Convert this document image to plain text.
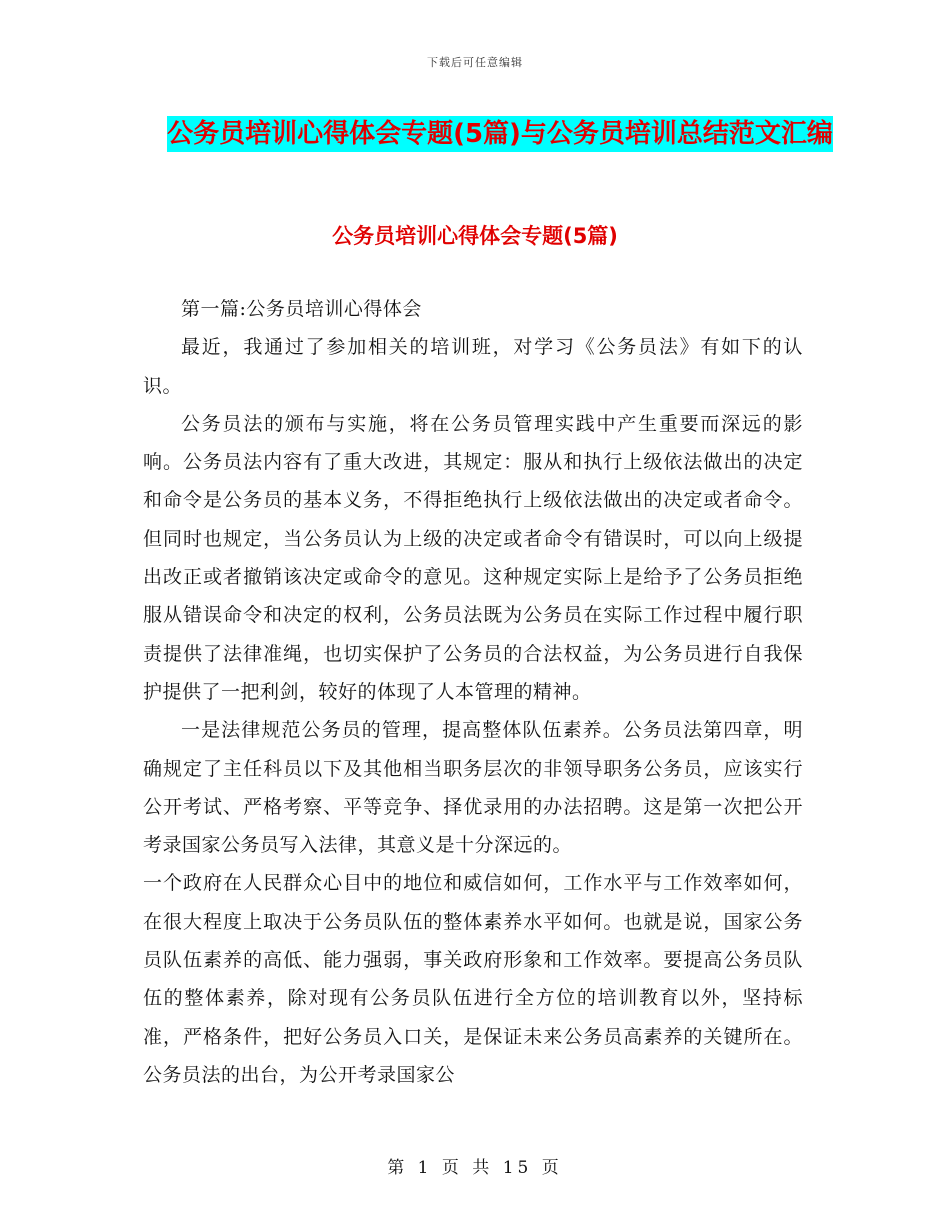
下载后可任意编辑
公务员培训心得体会专题(5篇)与公务员培训总结范文汇编
公务员培训心得体会专题(5篇)

第一篇:公务员培训心得体会

最近，我通过了参加相关的培训班，对学习《公务员法》有如下的认识。

公务员法的颁布与实施，将在公务员管理实践中产生重要而深远的影响。公务员法内容有了重大改进，其规定：服从和执行上级依法做出的决定和命令是公务员的基本义务，不得拒绝执行上级依法做出的决定或者命令。但同时也规定，当公务员认为上级的决定或者命令有错误时，可以向上级提出改正或者撤销该决定或命令的意见。这种规定实际上是给予了公务员拒绝服从错误命令和决定的权利，公务员法既为公务员在实际工作过程中履行职责提供了法律准绳，也切实保护了公务员的合法权益，为公务员进行自我保护提供了一把利剑，较好的体现了人本管理的精神。

一是法律规范公务员的管理，提高整体队伍素养。公务员法第四章，明确规定了主任科员以下及其他相当职务层次的非领导职务公务员，应该实行公开考试、严格考察、平等竞争、择优录用的办法招聘。这是第一次把公开考录国家公务员写入法律，其意义是十分深远的。

一个政府在人民群众心目中的地位和威信如何，工作水平与工作效率如何，在很大程度上取决于公务员队伍的整体素养水平如何。也就是说，国家公务员队伍素养的高低、能力强弱，事关政府形象和工作效率。要提高公务员队伍的整体素养，除对现有公务员队伍进行全方位的培训教育以外，坚持标准，严格条件，把好公务员入口关，是保证未来公务员高素养的关键所在。公务员法的出台，为公开考录国家公

第 1 页 共 15 页
